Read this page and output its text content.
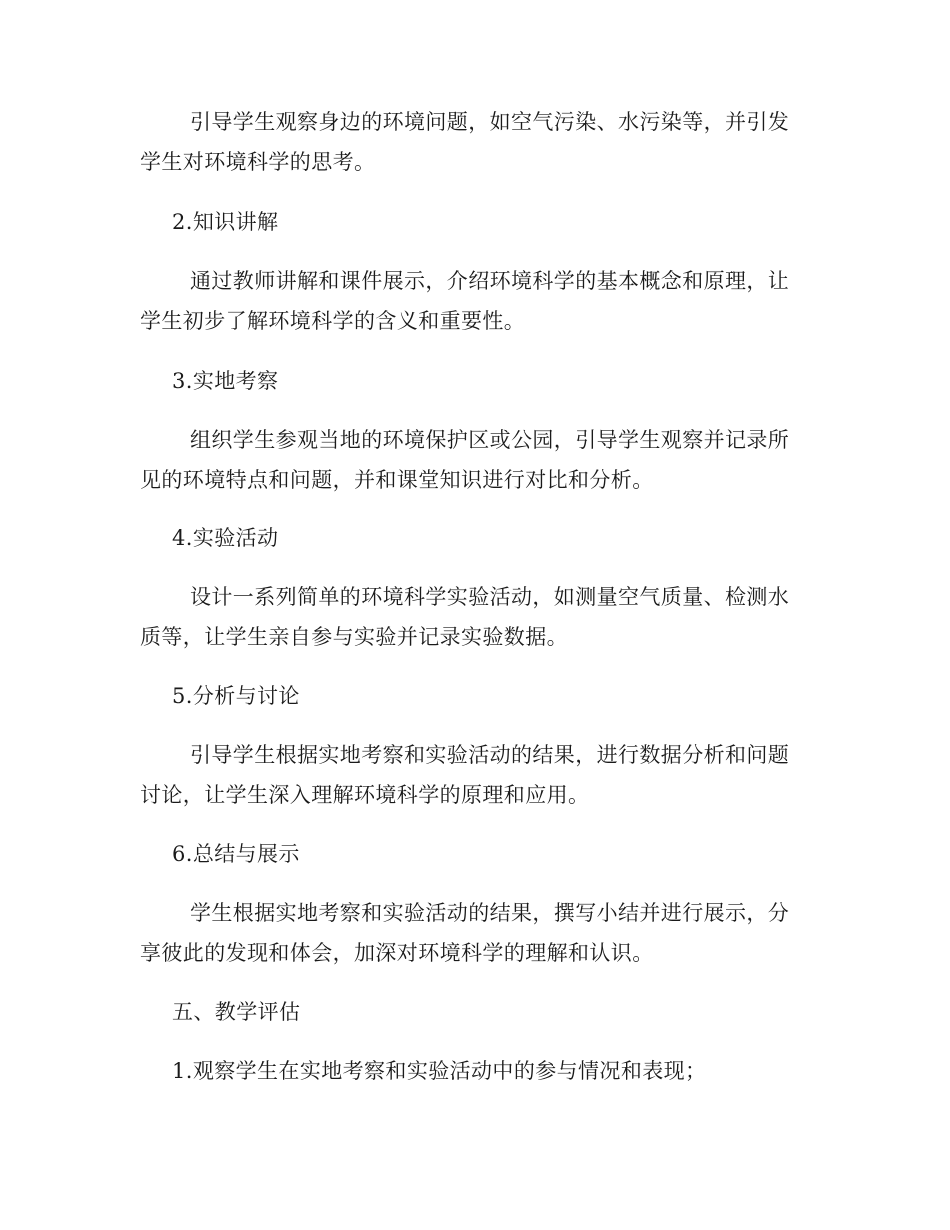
引导学生观察身边的环境问题，如空气污染、水污染等，并引发学生对环境科学的思考。

2.知识讲解

通过教师讲解和课件展示，介绍环境科学的基本概念和原理，让学生初步了解环境科学的含义和重要性。

3.实地考察

组织学生参观当地的环境保护区或公园，引导学生观察并记录所见的环境特点和问题，并和课堂知识进行对比和分析。

4.实验活动

设计一系列简单的环境科学实验活动，如测量空气质量、检测水质等，让学生亲自参与实验并记录实验数据。

5.分析与讨论

引导学生根据实地考察和实验活动的结果，进行数据分析和问题讨论，让学生深入理解环境科学的原理和应用。

6.总结与展示

学生根据实地考察和实验活动的结果，撰写小结并进行展示，分享彼此的发现和体会，加深对环境科学的理解和认识。

五、教学评估

1.观察学生在实地考察和实验活动中的参与情况和表现；
